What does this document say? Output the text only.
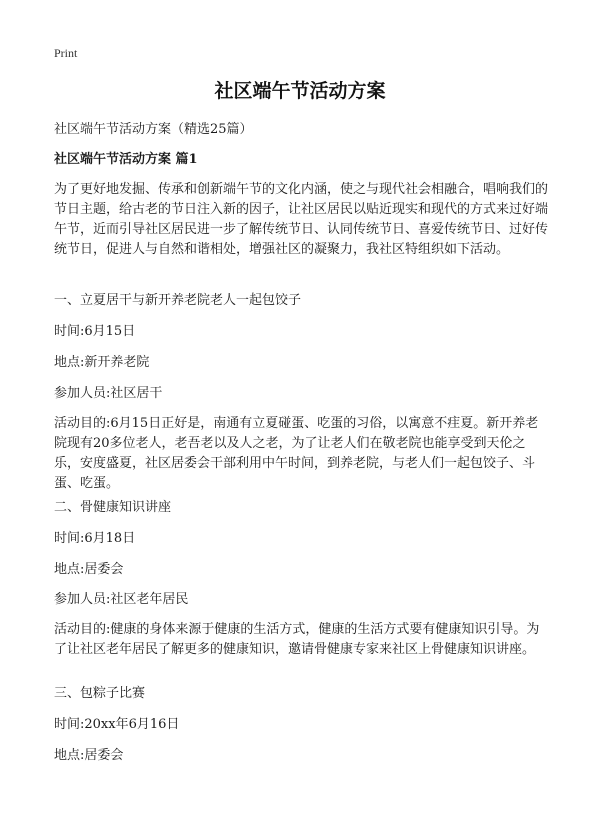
Print
社区端午节活动方案

社区端午节活动方案（精选25篇）

社区端午节活动方案 篇1

为了更好地发掘、传承和创新端午节的文化内涵，使之与现代社会相融合，唱响我们的节日主题，给古老的节日注入新的因子，让社区居民以贴近现实和现代的方式来过好端午节，近而引导社区居民进一步了解传统节日、认同传统节日、喜爱传统节日、过好传统节日，促进人与自然和谐相处，增强社区的凝聚力，我社区特组织如下活动。

一、立夏居干与新开养老院老人一起包饺子

时间:6月15日

地点:新开养老院

参加人员:社区居干

活动目的:6月15日正好是，南通有立夏碰蛋、吃蛋的习俗，以寓意不疰夏。新开养老院现有20多位老人，老吾老以及人之老，为了让老人们在敬老院也能享受到天伦之乐，安度盛夏，社区居委会干部利用中午时间，到养老院，与老人们一起包饺子、斗蛋、吃蛋。

二、骨健康知识讲座

时间:6月18日

地点:居委会

参加人员:社区老年居民

活动目的:健康的身体来源于健康的生活方式，健康的生活方式要有健康知识引导。为了让社区老年居民了解更多的健康知识，邀请骨健康专家来社区上骨健康知识讲座。

三、包粽子比赛

时间:20xx年6月16日

地点:居委会
